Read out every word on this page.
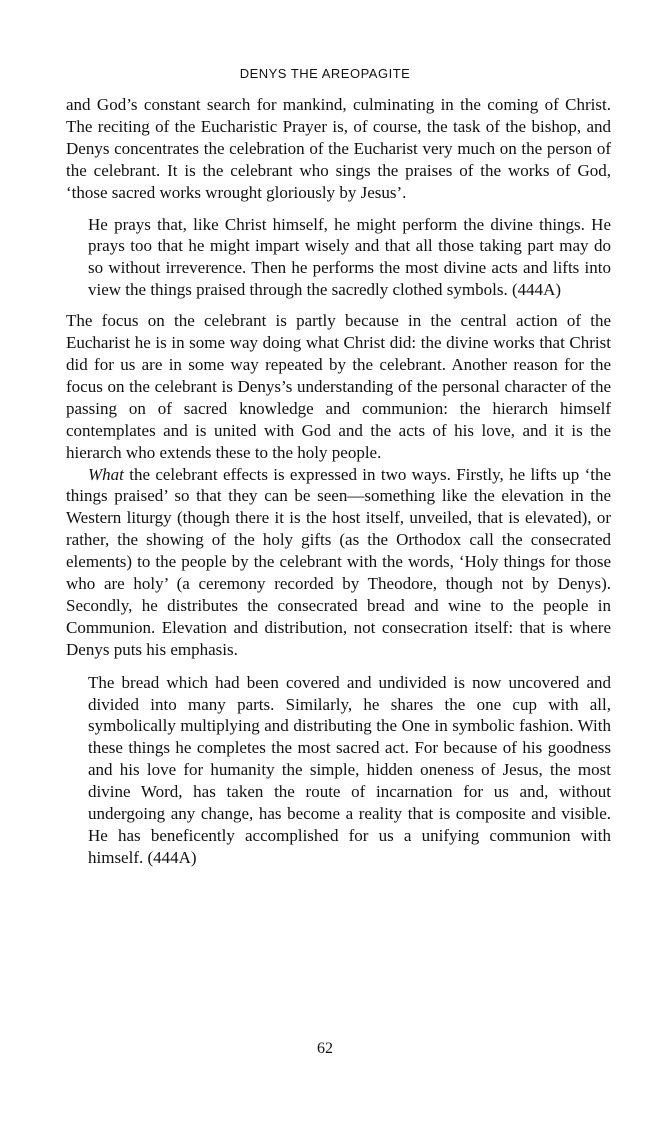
DENYS THE AREOPAGITE

and God’s constant search for mankind, culminating in the coming of Christ. The reciting of the Eucharistic Prayer is, of course, the task of the bishop, and Denys concentrates the celebration of the Eucharist very much on the person of the celebrant. It is the celebrant who sings the praises of the works of God, ‘those sacred works wrought gloriously by Jesus’.

He prays that, like Christ himself, he might perform the divine things. He prays too that he might impart wisely and that all those taking part may do so without irreverence. Then he performs the most divine acts and lifts into view the things praised through the sacredly clothed symbols. (444A)

The focus on the celebrant is partly because in the central action of the Eucharist he is in some way doing what Christ did: the divine works that Christ did for us are in some way repeated by the celebrant. Another reason for the focus on the celebrant is Denys’s understanding of the personal character of the passing on of sacred knowledge and communion: the hierarch himself contemplates and is united with God and the acts of his love, and it is the hierarch who extends these to the holy people.

What the celebrant effects is expressed in two ways. Firstly, he lifts up ‘the things praised’ so that they can be seen—something like the elevation in the Western liturgy (though there it is the host itself, unveiled, that is elevated), or rather, the showing of the holy gifts (as the Orthodox call the consecrated elements) to the people by the celebrant with the words, ‘Holy things for those who are holy’ (a ceremony recorded by Theodore, though not by Denys). Secondly, he distributes the consecrated bread and wine to the people in Communion. Elevation and distribution, not consecration itself: that is where Denys puts his emphasis.

The bread which had been covered and undivided is now uncovered and divided into many parts. Similarly, he shares the one cup with all, symbolically multiplying and distributing the One in symbolic fashion. With these things he completes the most sacred act. For because of his goodness and his love for humanity the simple, hidden oneness of Jesus, the most divine Word, has taken the route of incarnation for us and, without undergoing any change, has become a reality that is composite and visible. He has beneficently accomplished for us a unifying communion with himself. (444A)
62
